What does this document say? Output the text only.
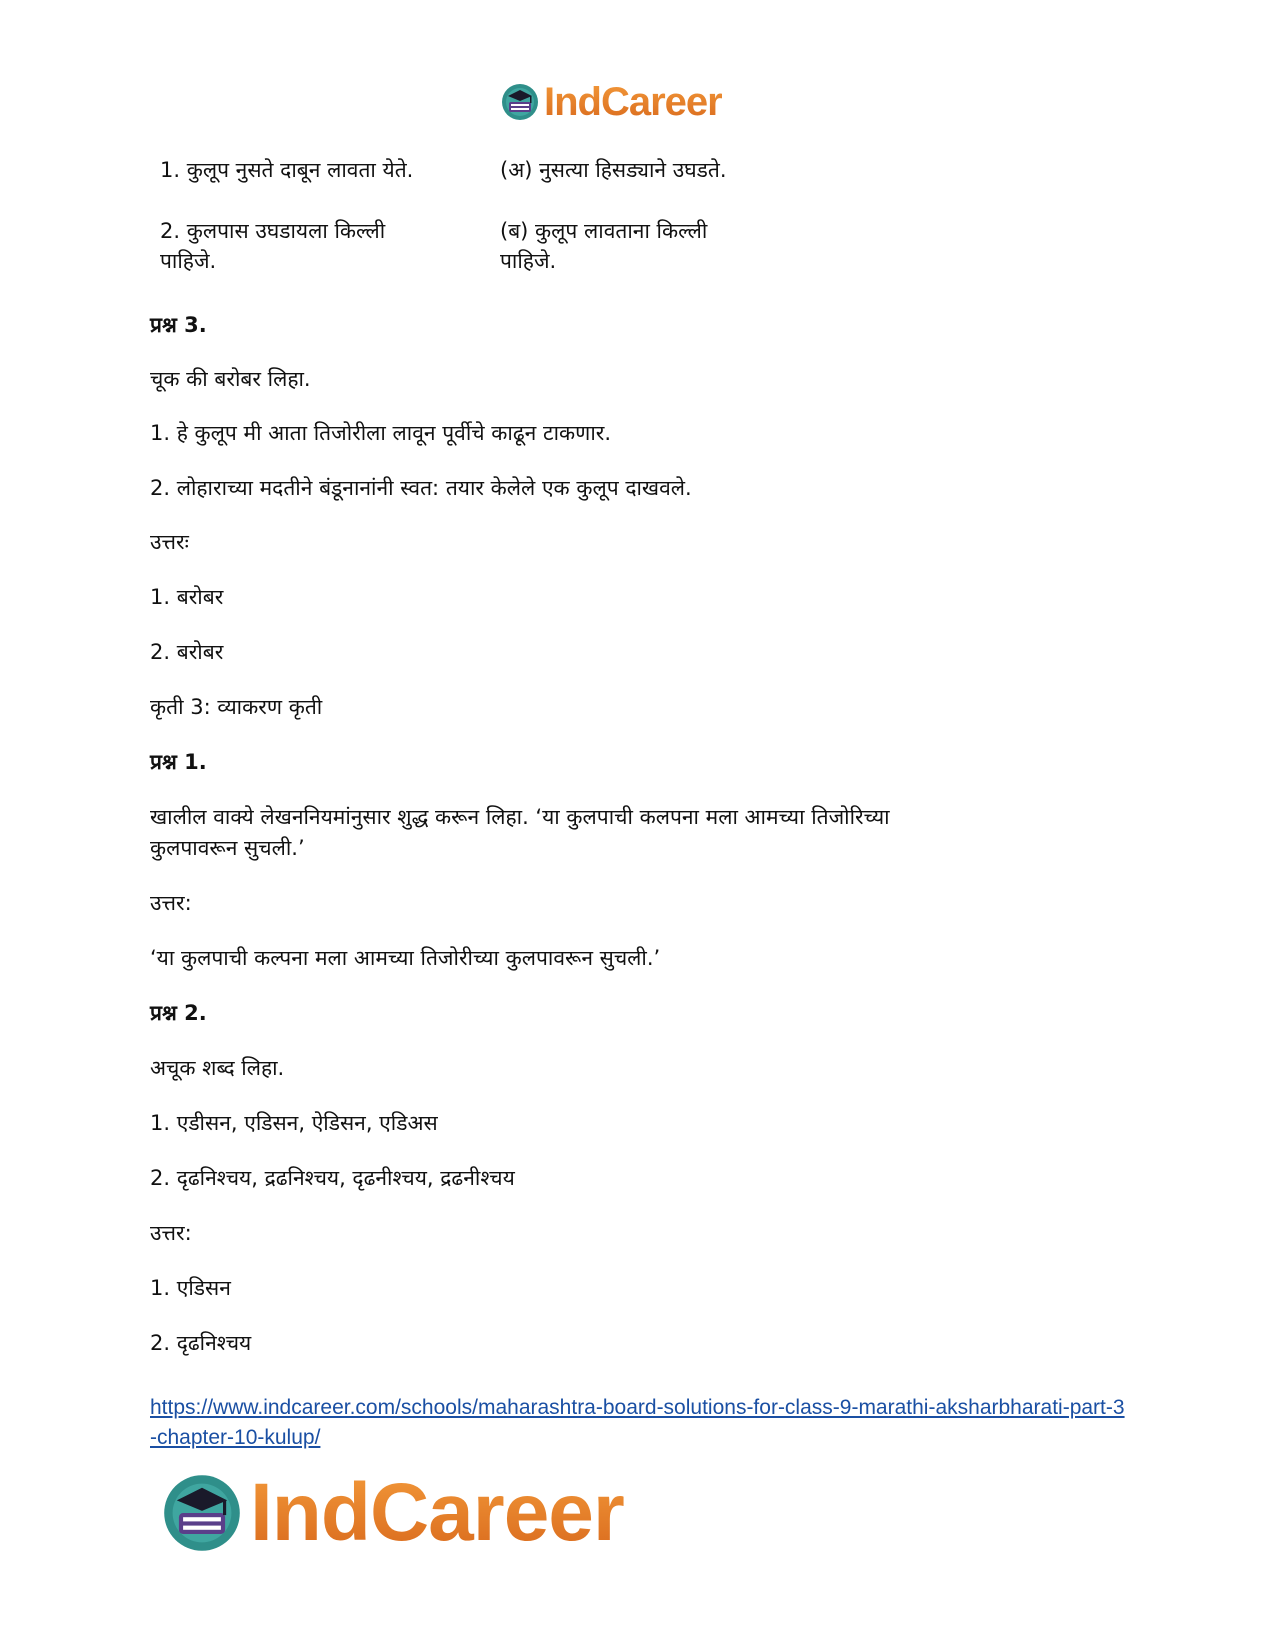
IndCareer
1. कुलूप नुसते दाबून लावता येते.	(अ) नुसत्या हिसड्याने उघडते.
2. कुलपास उघडायला किल्ली
पाहिजे.
(ब) कुलूप लावताना किल्ली
पाहिजे.
प्रश्न 3.
चूक की बरोबर लिहा.
1. हे कुलूप मी आता तिजोरीला लावून पूर्वीचे काढून टाकणार.
2. लोहाराच्या मदतीने बंडूनानांनी स्वत: तयार केलेले एक कुलूप दाखवले.
उत्तरः
1. बरोबर
2. बरोबर
कृती 3: व्याकरण कृती
प्रश्न 1.
खालील वाक्ये लेखननियमांनुसार शुद्ध करून लिहा. ‘या कुलपाची कलपना मला आमच्या तिजोरिच्या
कुलपावरून सुचली.’
उत्तर:
‘या कुलपाची कल्पना मला आमच्या तिजोरीच्या कुलपावरून सुचली.’
प्रश्न 2.
अचूक शब्द लिहा.
1. एडीसन, एडिसन, ऐडिसन, एडिअस
2. दृढनिश्चय, द्रढनिश्चय, दृढनीश्चय, द्रढनीश्चय
उत्तर:
1. एडिसन
2. दृढनिश्चय
https://www.indcareer.com/schools/maharashtra-board-solutions-for-class-9-marathi-aksharbharati-part-3-chapter-10-kulup/
IndCareer
